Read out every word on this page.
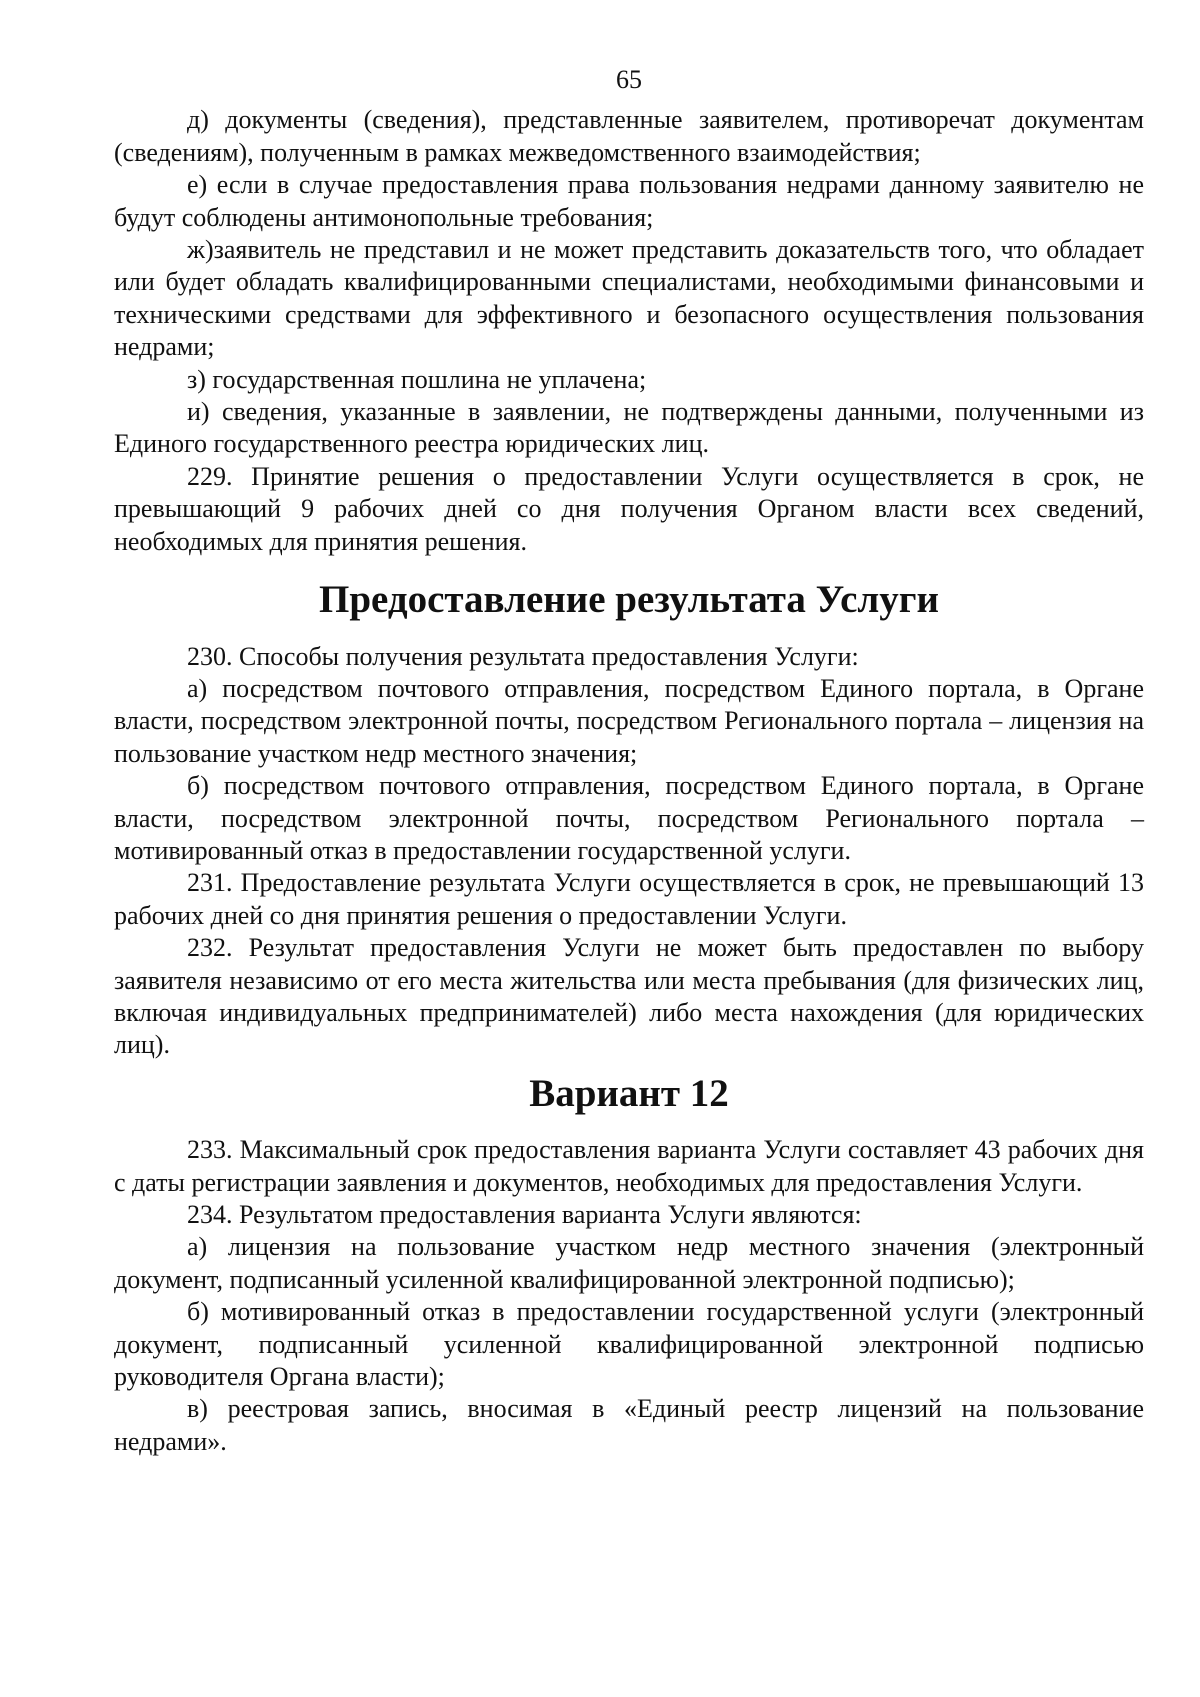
65

д) документы (сведения), представленные заявителем, противоречат документам (сведениям), полученным в рамках межведомственного взаимодействия;

е) если в случае предоставления права пользования недрами данному заявителю не будут соблюдены антимонопольные требования;

ж)заявитель не представил и не может представить доказательств того, что обладает или будет обладать квалифицированными специалистами, необходимыми финансовыми и техническими средствами для эффективного и безопасного осуществления пользования недрами;

з) государственная пошлина не уплачена;

и) сведения, указанные в заявлении, не подтверждены данными, полученными из Единого государственного реестра юридических лиц.

229. Принятие решения о предоставлении Услуги осуществляется в срок, не превышающий 9 рабочих дней со дня получения Органом власти всех сведений, необходимых для принятия решения.

Предоставление результата Услуги

230. Способы получения результата предоставления Услуги:

а) посредством почтового отправления, посредством Единого портала, в Органе власти, посредством электронной почты, посредством Регионального портала – лицензия на пользование участком недр местного значения;

б) посредством почтового отправления, посредством Единого портала, в Органе власти, посредством электронной почты, посредством Регионального портала – мотивированный отказ в предоставлении государственной услуги.

231. Предоставление результата Услуги осуществляется в срок, не превышающий 13 рабочих дней со дня принятия решения о предоставлении Услуги.

232. Результат предоставления Услуги не может быть предоставлен по выбору заявителя независимо от его места жительства или места пребывания (для физических лиц, включая индивидуальных предпринимателей) либо места нахождения (для юридических лиц).

Вариант 12

233. Максимальный срок предоставления варианта Услуги составляет 43 рабочих дня с даты регистрации заявления и документов, необходимых для предоставления Услуги.

234. Результатом предоставления варианта Услуги являются:

а) лицензия на пользование участком недр местного значения (электронный документ, подписанный усиленной квалифицированной электронной подписью);

б) мотивированный отказ в предоставлении государственной услуги (электронный документ, подписанный усиленной квалифицированной электронной подписью руководителя Органа власти);

в) реестровая запись, вносимая в «Единый реестр лицензий на пользование недрами».
